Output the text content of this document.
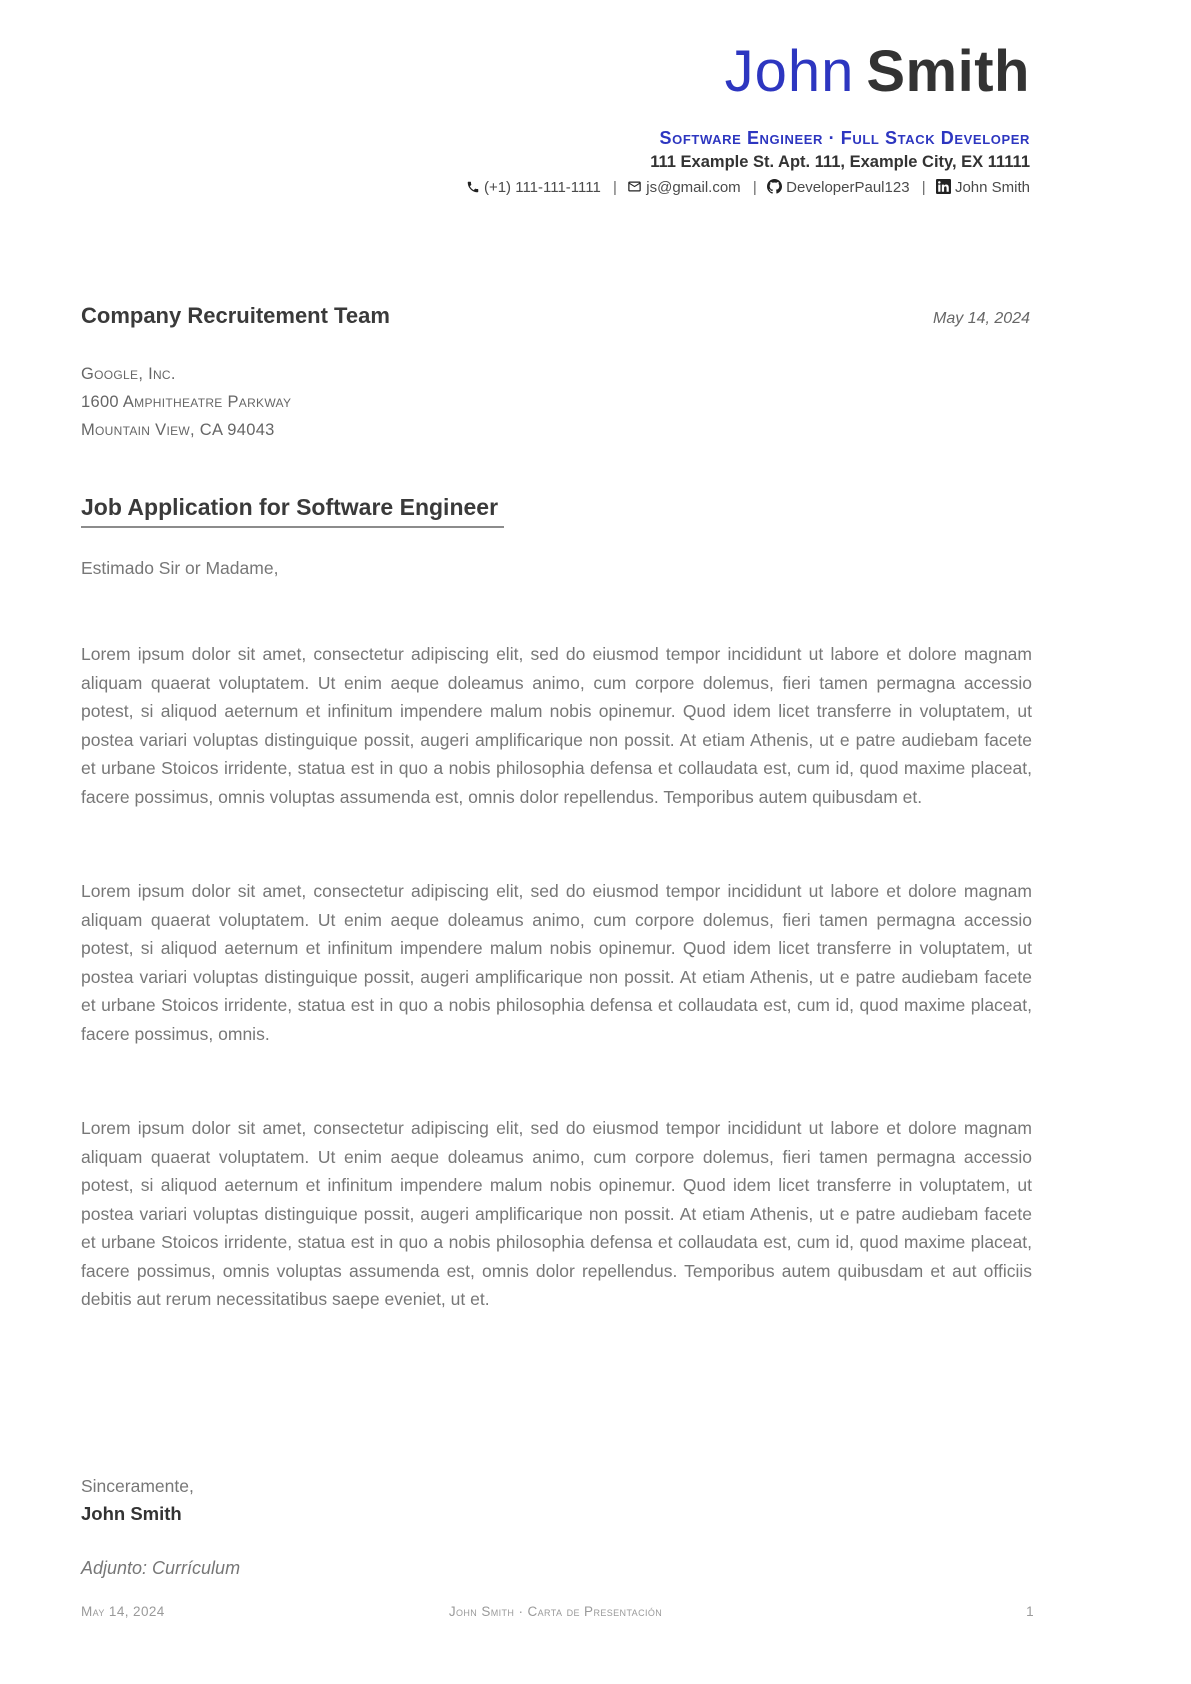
John Smith
Software Engineer · Full Stack Developer
111 Example St. Apt. 111, Example City, EX 11111
(+1) 111-111-1111 | js@gmail.com | DeveloperPaul123 | John Smith
Company Recruitement Team	May 14, 2024
Google, Inc.
1600 Amphitheatre Parkway
Mountain View, CA 94043
Job Application for Software Engineer
Estimado Sir or Madame,

Lorem ipsum dolor sit amet, consectetur adipiscing elit, sed do eiusmod tempor incididunt ut labore et dolore magnam aliquam quaerat voluptatem. Ut enim aeque doleamus animo, cum corpore dolemus, fieri tamen permagna accessio potest, si aliquod aeternum et infinitum impendere malum nobis opinemur. Quod idem licet transferre in voluptatem, ut postea variari voluptas distinguique possit, augeri amplificarique non possit. At etiam Athenis, ut e patre audiebam facete et urbane Stoicos irridente, statua est in quo a nobis philosophia defensa et collaudata est, cum id, quod maxime placeat, facere possimus, omnis voluptas assumenda est, omnis dolor repellendus. Temporibus autem quibusdam et.

Lorem ipsum dolor sit amet, consectetur adipiscing elit, sed do eiusmod tempor incididunt ut labore et dolore magnam aliquam quaerat voluptatem. Ut enim aeque doleamus animo, cum corpore dolemus, fieri tamen permagna accessio potest, si aliquod aeternum et infinitum impendere malum nobis opinemur. Quod idem licet transferre in voluptatem, ut postea variari voluptas distinguique possit, augeri amplificarique non possit. At etiam Athenis, ut e patre audiebam facete et urbane Stoicos irridente, statua est in quo a nobis philosophia defensa et collaudata est, cum id, quod maxime placeat, facere possimus, omnis.

Lorem ipsum dolor sit amet, consectetur adipiscing elit, sed do eiusmod tempor incididunt ut labore et dolore magnam aliquam quaerat voluptatem. Ut enim aeque doleamus animo, cum corpore dolemus, fieri tamen permagna accessio potest, si aliquod aeternum et infinitum impendere malum nobis opinemur. Quod idem licet transferre in voluptatem, ut postea variari voluptas distinguique possit, augeri amplificarique non possit. At etiam Athenis, ut e patre audiebam facete et urbane Stoicos irridente, statua est in quo a nobis philosophia defensa et collaudata est, cum id, quod maxime placeat, facere possimus, omnis voluptas assumenda est, omnis dolor repellendus. Temporibus autem quibusdam et aut officiis debitis aut rerum necessitatibus saepe eveniet, ut et.

Sinceramente,
John Smith
Adjunto: Currículum
May 14, 2024	John Smith · Carta de Presentación	1
